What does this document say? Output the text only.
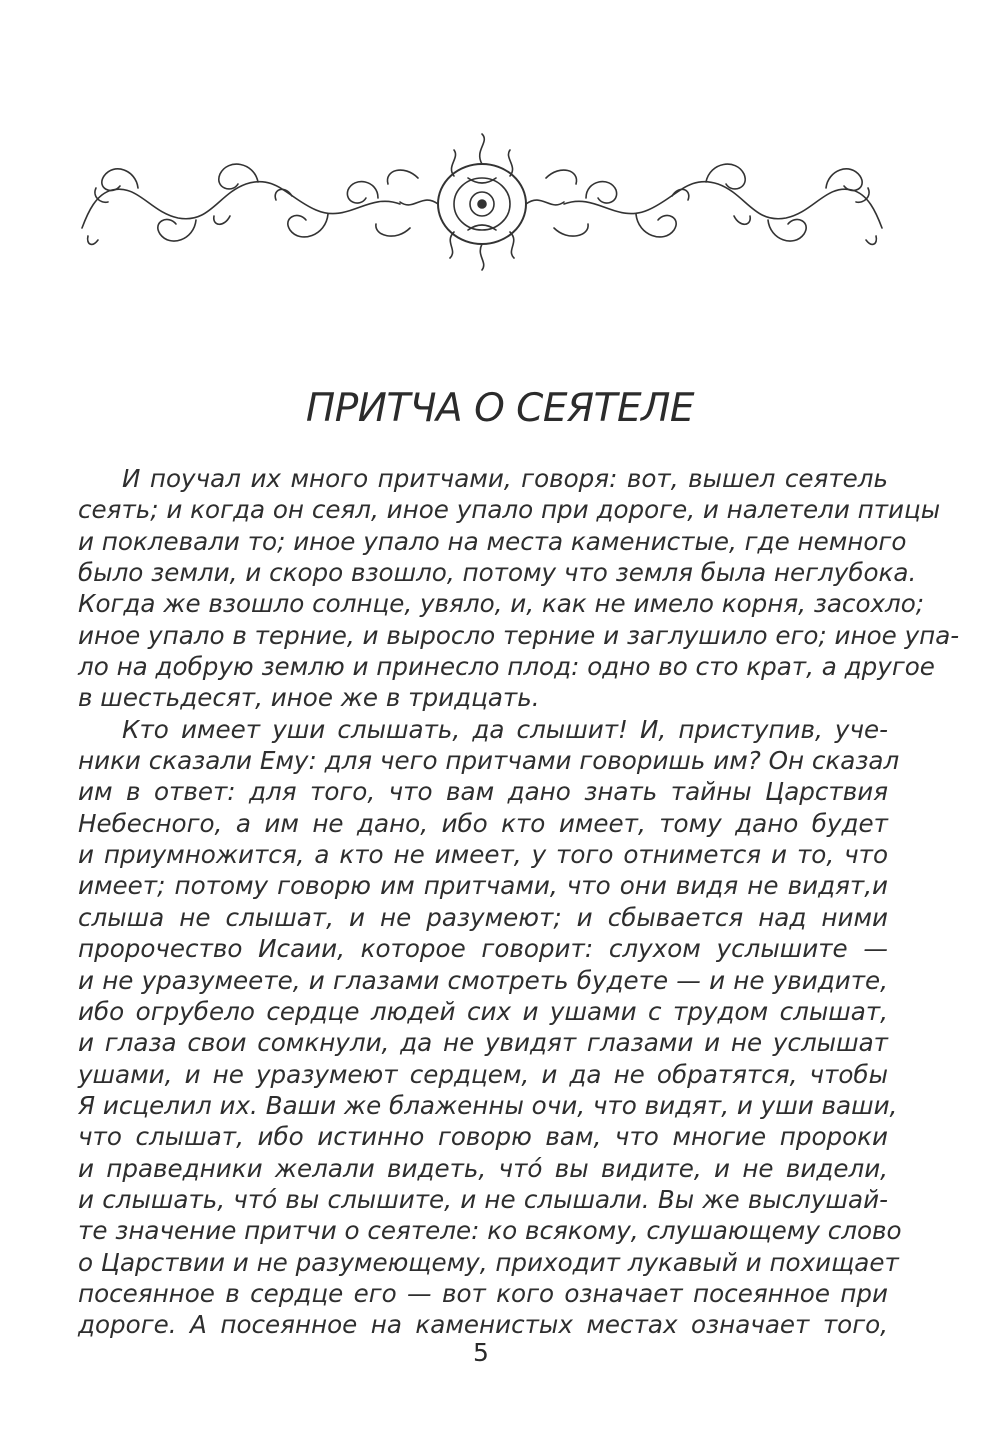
ПРИТЧА О СЕЯТЕЛЕ
И поучал их много притчами, говоря: вот, вышел сеятель
сеять; и когда он сеял, иное упало при дороге, и налетели птицы
и поклевали то; иное упало на места каменистые, где немного
было земли, и скоро взошло, потому что земля была неглубока.
Когда же взошло солнце, увяло, и, как не имело корня, засохло;
иное упало в терние, и выросло терние и заглушило его; иное упа-
ло на добрую землю и принесло плод: одно во сто крат, а другое
в шестьдесят, иное же в тридцать.
Кто имеет уши слышать, да слышит! И, приступив, уче-
ники сказали Ему: для чего притчами говоришь им? Он сказал
им в ответ: для того, что вам дано знать тайны Царствия
Небесного, а им не дано, ибо кто имеет, тому дано будет
и приумножится, а кто не имеет, у того отнимется и то, что
имеет; потому говорю им притчами, что они видя не видят,и
слыша не слышат, и не разумеют; и сбывается над ними
пророчество Исаии, которое говорит: слухом услышите —
и не уразумеете, и глазами смотреть будете — и не увидите,
ибо огрубело сердце людей сих и ушами с трудом слышат,
и глаза свои сомкнули, да не увидят глазами и не услышат
ушами, и не уразумеют сердцем, и да не обратятся, чтобы
Я исцелил их. Ваши же блаженны очи, что видят, и уши ваши,
что слышат, ибо истинно говорю вам, что многие пророки
и праведники желали видеть, что́ вы видите, и не видели,
и слышать, что́ вы слышите, и не слышали. Вы же выслушай-
те значение притчи о сеятеле: ко всякому, слушающему слово
о Царствии и не разумеющему, приходит лукавый и похищает
посеянное в сердце его — вот кого означает посеянное при
дороге. А посеянное на каменистых местах означает того,
5
